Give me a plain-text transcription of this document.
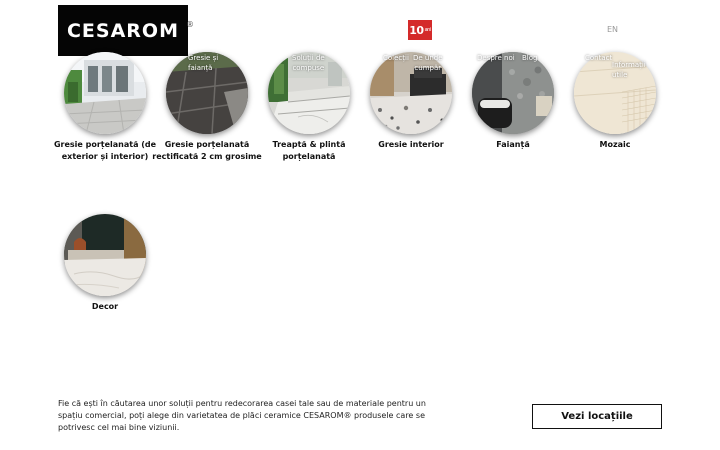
CESAROM ®	10 ani	EN
Gresie și
faianță
Soluții de
compuse
Colecții De unde
cumpăr
Despre noi Blog	Contact
Informații
utile
Gresie porțelanată (de exterior și interior)
Gresie porțelanată rectificată 2 cm grosime
Treaptă & plintă porțelanată
Gresie interior	Faianță	Mozaic
Decor

Fie că ești în căutarea unor soluții pentru redecorarea casei tale sau de materiale pentru un spațiu comercial, poți alege din varietatea de plăci ceramice CESAROM® produsele care se potrivesc cel mai bine viziunii.

Vezi locațiile
